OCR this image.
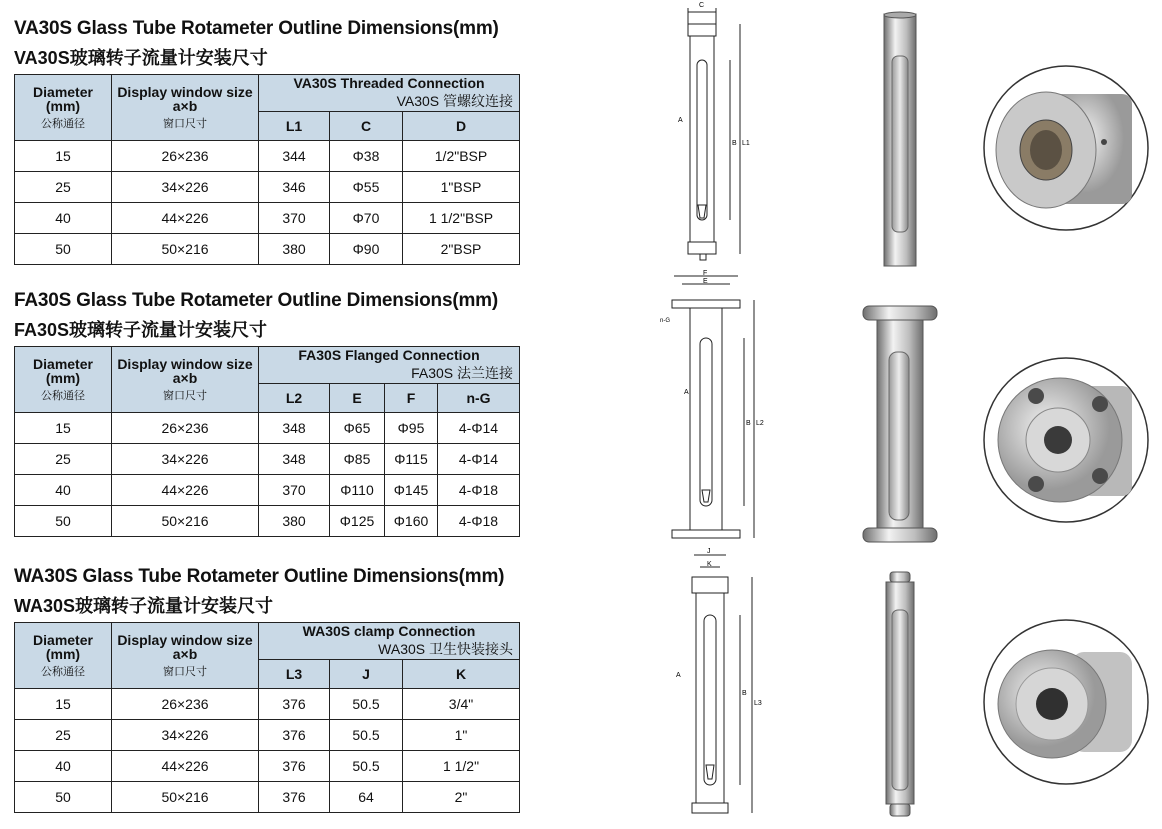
VA30S Glass Tube Rotameter Outline Dimensions(mm)
VA30S玻璃转子流量计安装尺寸
Diameter
(mm)
公称通径	Display window size
a×b
窗口尺寸	VA30S Threaded Connection
VA30S 管螺纹连接		

		L1	C	D
15	26×236	344	Φ38	1/2"BSP
25	34×226	346	Φ55	1"BSP
40	44×226	370	Φ70	1 1/2"BSP
50	50×216	380	Φ90	2"BSP
FA30S Glass Tube Rotameter Outline Dimensions(mm)
FA30S玻璃转子流量计安装尺寸
Diameter
(mm)
公称通径	Display window size
a×b
窗口尺寸	FA30S Flanged Connection
FA30S 法兰连接			

		L2	E	F	n-G
15	26×236	348	Φ65	Φ95	4-Φ14
25	34×226	348	Φ85	Φ115	4-Φ14
40	44×226	370	Φ110	Φ145	4-Φ18
50	50×216	380	Φ125	Φ160	4-Φ18
WA30S Glass Tube Rotameter Outline Dimensions(mm)
WA30S玻璃转子流量计安装尺寸
Diameter
(mm)
公称通径	Display window size
a×b
窗口尺寸	WA30S clamp Connection
WA30S 卫生快装接头		

		L3	J	K
15	26×236	376	50.5	3/4"
25	34×226	376	50.5	1"
40	44×226	376	50.5	1 1/2"
50	50×216	376	64	2"
C
A
B L1
F
E
n-G
A
B L2
J
K
A
B
L3
